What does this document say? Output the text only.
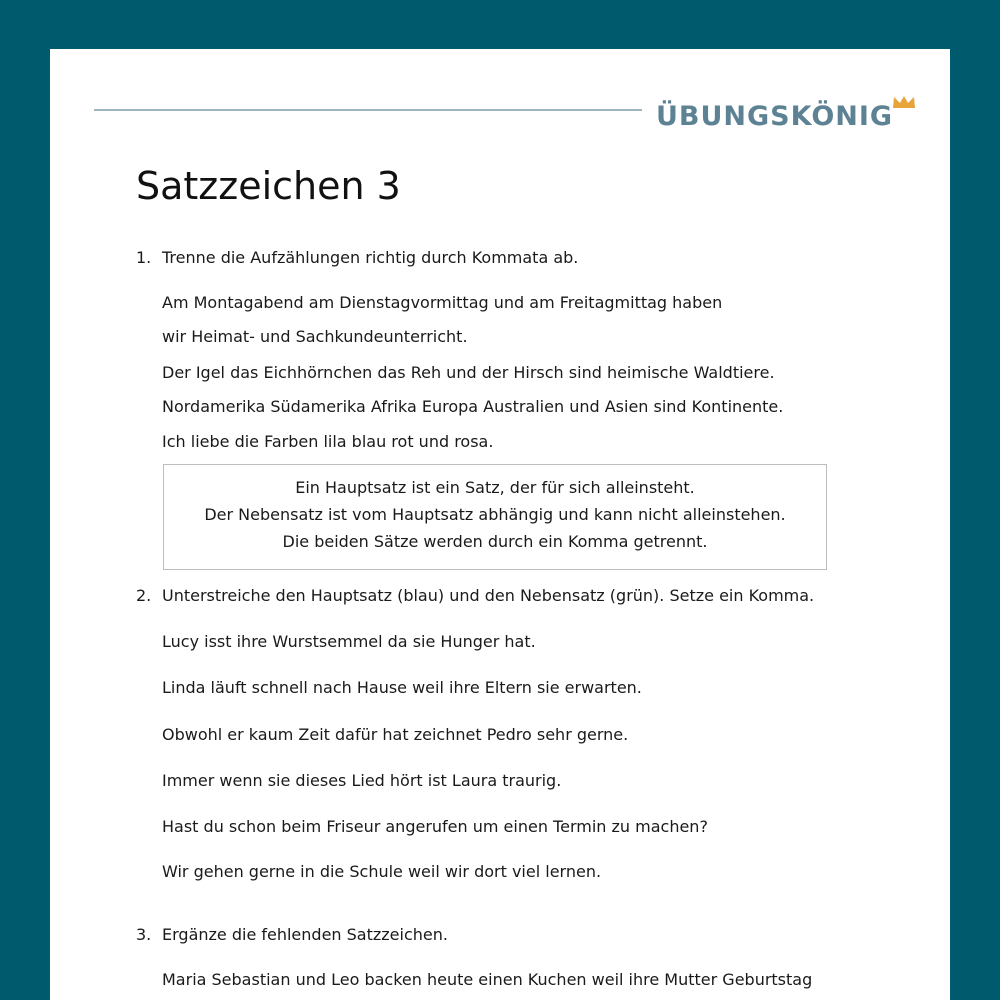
ÜBUNGSKÖNIG
Satzzeichen 3
1. Trenne die Aufzählungen richtig durch Kommata ab.
Am Montagabend am Dienstagvormittag und am Freitagmittag haben
wir Heimat- und Sachkundeunterricht.
Der Igel das Eichhörnchen das Reh und der Hirsch sind heimische Waldtiere.
Nordamerika Südamerika Afrika Europa Australien und Asien sind Kontinente.
Ich liebe die Farben lila blau rot und rosa.
Ein Hauptsatz ist ein Satz, der für sich alleinsteht.
Der Nebensatz ist vom Hauptsatz abhängig und kann nicht alleinstehen.
Die beiden Sätze werden durch ein Komma getrennt.
2. Unterstreiche den Hauptsatz (blau) und den Nebensatz (grün). Setze ein Komma.
Lucy isst ihre Wurstsemmel da sie Hunger hat.
Linda läuft schnell nach Hause weil ihre Eltern sie erwarten.
Obwohl er kaum Zeit dafür hat zeichnet Pedro sehr gerne.
Immer wenn sie dieses Lied hört ist Laura traurig.
Hast du schon beim Friseur angerufen um einen Termin zu machen?
Wir gehen gerne in die Schule weil wir dort viel lernen.
3. Ergänze die fehlenden Satzzeichen.
Maria Sebastian und Leo backen heute einen Kuchen weil ihre Mutter Geburtstag
